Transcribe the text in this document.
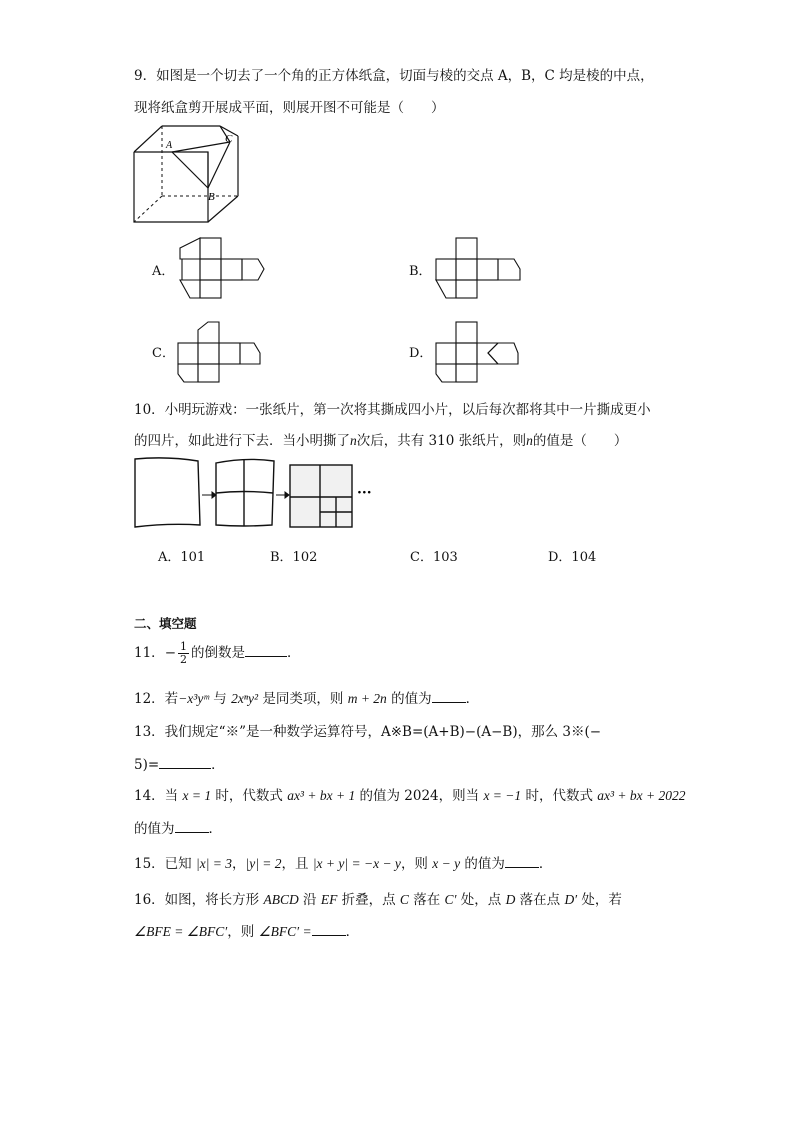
9．如图是一个切去了一个角的正方体纸盒，切面与棱的交点 A，B，C 均是棱的中点，
现将纸盒剪开展成平面，则展开图不可能是（　　）
A
B
C
A．	B．
C．	D．
10．小明玩游戏：一张纸片，第一次将其撕成四小片，以后每次都将其中一片撕成更小
的四片，如此进行下去．当小明撕了n次后，共有 310 张纸片，则n的值是（　　）
···
A．101	B．102	C．103	D．104
二、填空题
11．− $\frac{1}{2}$ 的倒数是	．
12．若−x³yᵐ 与 2xⁿy² 是同类项，则 m + 2n 的值为	．
13．我们规定“※”是一种数学运算符号，A※B=(A+B)−(A−B)，那么 3※(−
5)=	．
14．当 x = 1 时，代数式 ax³ + bx + 1 的值为 2024，则当 x = −1 时，代数式 ax³ + bx + 2022
的值为	．
15．已知 |x| = 3，|y| = 2，且 |x + y| = −x − y，则 x − y 的值为	．
16．如图，将长方形 ABCD 沿 EF 折叠，点 C 落在 C′ 处，点 D 落在点 D′ 处，若
∠BFE = ∠BFC′，则 ∠BFC′ =	．
